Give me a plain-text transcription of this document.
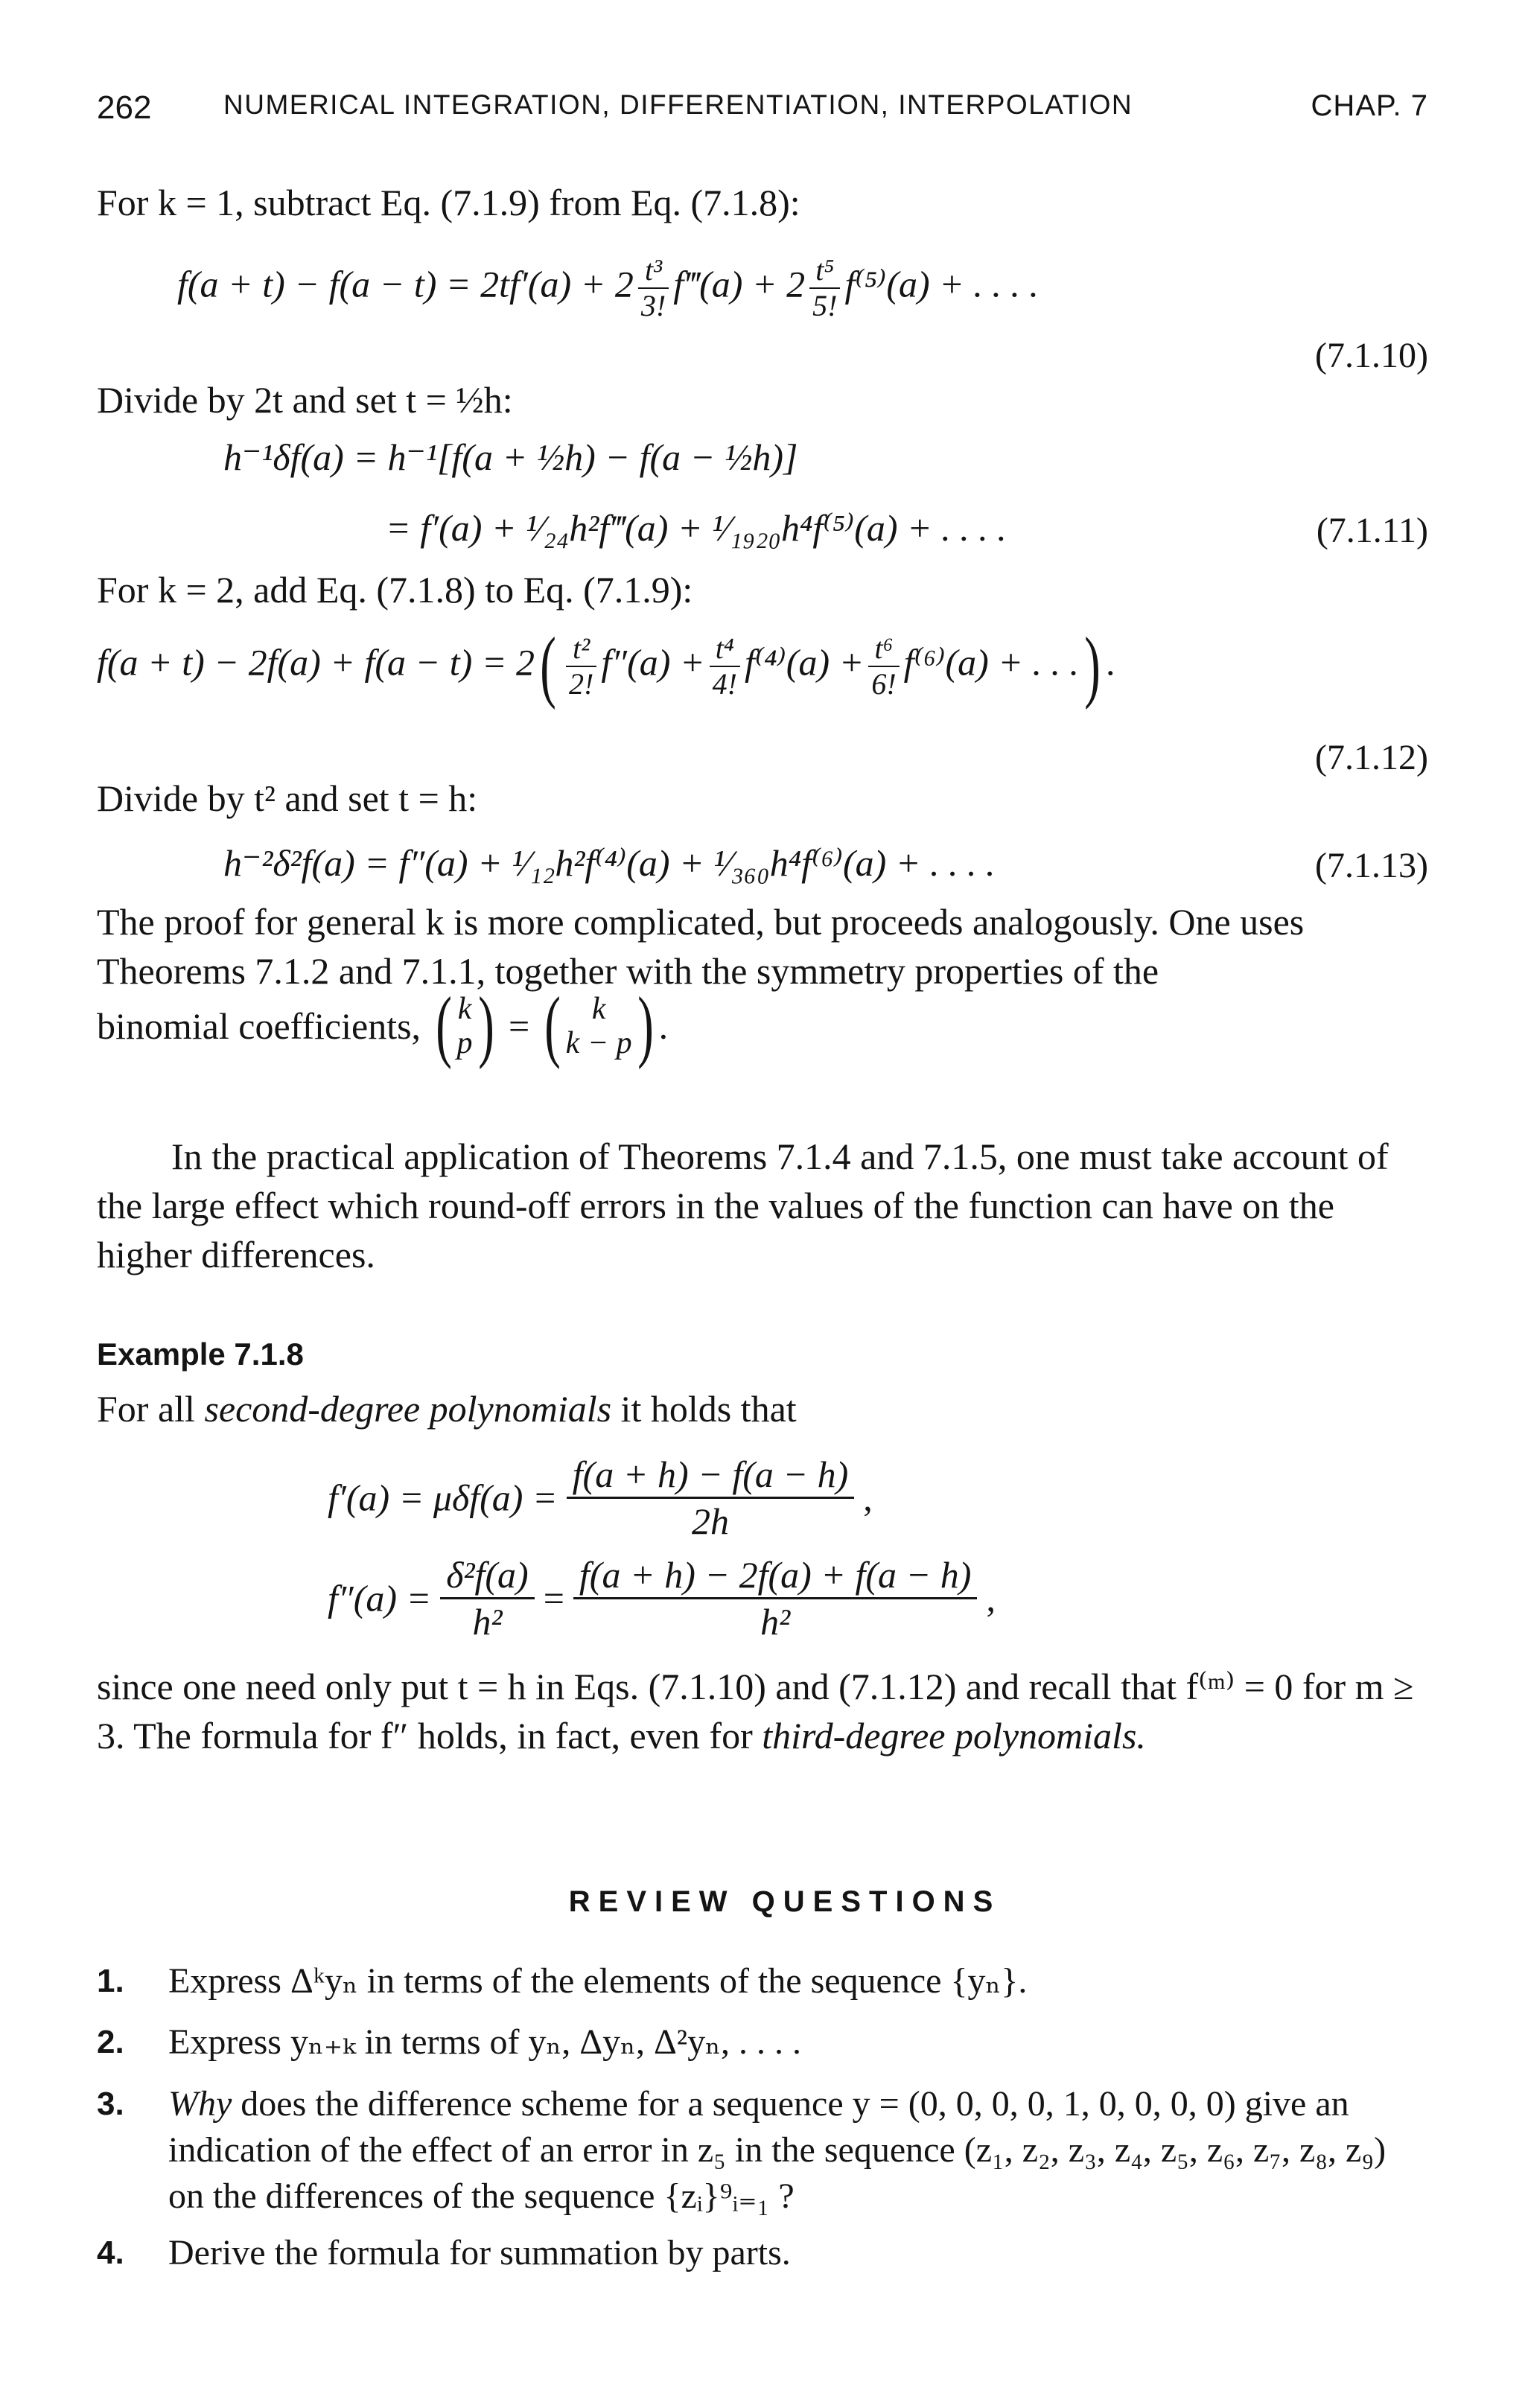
262	NUMERICAL INTEGRATION, DIFFERENTIATION, INTERPOLATION	CHAP. 7
For k = 1, subtract Eq. (7.1.9) from Eq. (7.1.8):
$f(a + t) - f(a - t) = 2tf'(a) + 2 \frac{\text{t³}}{3!}$ f‴(a) + $2 \frac{\text{t⁵}}{5!} f^{(5)}(a)$ + . . . .
(7.1.10)
Divide by 2t and set t = ½h:
h⁻¹δf(a) = h⁻¹[f(a + ½h) − f(a − ½h)]
= f′(a) + ¹⁄₂₄h²f‴(a) + ¹⁄₁₉₂₀h⁴f⁽⁵⁾(a) + . . . .	(7.1.11)
For k = 2, add Eq. (7.1.8) to Eq. (7.1.9):
$f(a + t) - 2f(a) + f(a - t) = 2( \frac{\text{t²}}{2!} f''(a) + \frac{\text{t⁴}}{4!} f^{(4)}(a) + \frac{\text{t⁶}}{6!} f^{(6)}(a)$ + . . .) .
(7.1.12)
Divide by t² and set t = h:
h⁻²δ²f(a) = f″(a) + ¹⁄₁₂h²f⁽⁴⁾(a) + ¹⁄₃₆₀h⁴f⁽⁶⁾(a) + . . . .	(7.1.13)
The proof for general k is more complicated, but proceeds analogously. One uses Theorems 7.1.2 and 7.1.1, together with the symmetry properties of the
binomial coefficients, ( k
p ) = (	k
k − p ) .
In the practical application of Theorems 7.1.4 and 7.1.5, one must take account of the large effect which round-off errors in the values of the function can have on the higher differences.
Example 7.1.8
For all second-degree polynomials it holds that
$f'(a) = \mu\delta f(a) = \frac{f(a + h) - f(a - h)}{2h}$ ,
$f''(a) = \frac{\text{δ²f(a)}}{\text{h²}} = \frac{f(a + h) - 2f(a) + f(a - h)}{\text{h²}}$ ,
since one need only put t = h in Eqs. (7.1.10) and (7.1.12) and recall that f⁽ᵐ⁾ = 0 for m ≥ 3. The formula for f″ holds, in fact, even for third-degree polynomials.
REVIEW QUESTIONS
1. Express Δᵏyₙ in terms of the elements of the sequence {yₙ}.
2. Express yₙ₊ₖ in terms of yₙ, Δyₙ, Δ²yₙ, . . . .
3. Why does the difference scheme for a sequence y = (0, 0, 0, 0, 1, 0, 0, 0, 0) give an indication of the effect of an error in z₅ in the sequence (z₁, z₂, z₃, z₄, z₅, z₆, z₇, z₈, z₉) on the differences of the sequence {zᵢ}⁹ᵢ₌₁ ?
4. Derive the formula for summation by parts.
